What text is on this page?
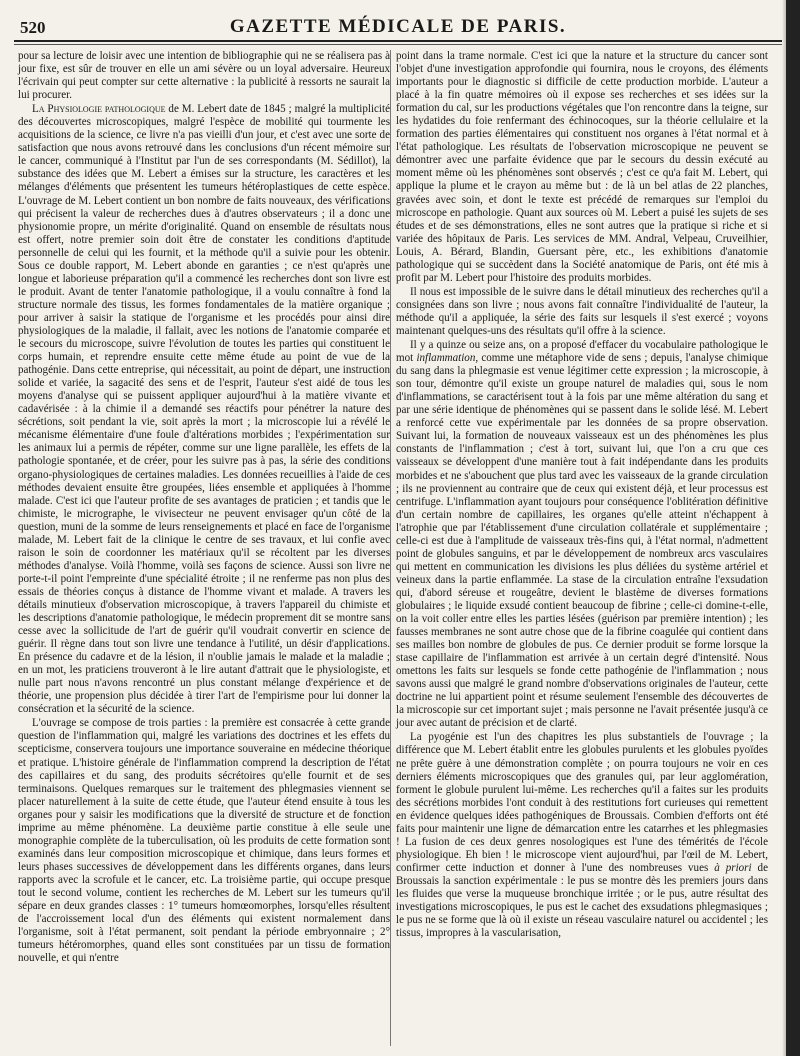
520	GAZETTE MÉDICALE DE PARIS.

pour sa lecture de loisir avec une intention de bibliographie qui ne se réalisera pas à jour fixe, est sûr de trouver en elle un ami sévère ou un loyal adversaire. Heureux l'écrivain qui peut compter sur cette alternative : la publicité à ressorts ne saurait la lui procurer.

La Physiologie pathologique de M. Lebert date de 1845 ; malgré la multiplicité des découvertes microscopiques, malgré l'espèce de mobilité qui tourmente les acquisitions de la science, ce livre n'a pas vieilli d'un jour, et c'est avec une sorte de satisfaction que nous avons retrouvé dans les conclusions d'un récent mémoire sur le cancer, communiqué à l'Institut par l'un de ses correspondants (M. Sédillot), la substance des idées que M. Lebert a émises sur la structure, les caractères et les mélanges d'éléments que présentent les tumeurs hétéroplastiques de cette espèce. L'ouvrage de M. Lebert contient un bon nombre de faits nouveaux, des vérifications qui précisent la valeur de recherches dues à d'autres observateurs ; il a donc une physionomie propre, un mérite d'originalité. Quand on ensemble de résultats nous est offert, notre premier soin doit être de constater les conditions d'aptitude personnelle de celui qui les fournit, et la méthode qu'il a suivie pour les obtenir. Sous ce double rapport, M. Lebert abonde en garanties ; ce n'est qu'après une longue et laborieuse préparation qu'il a commencé les recherches dont son livre est le produit. Avant de tenter l'anatomie pathologique, il a voulu connaître à fond la structure normale des tissus, les formes fondamentales de la matière organique ; pour arriver à saisir la statique de l'organisme et les procédés pour ainsi dire physiologiques de la maladie, il fallait, avec les notions de l'anatomie comparée et le secours du microscope, suivre l'évolution de toutes les parties qui constituent le corps humain, et reprendre ensuite cette même étude au point de vue de la pathogénie. Dans cette entreprise, qui nécessitait, au point de départ, une instruction solide et variée, la sagacité des sens et de l'esprit, l'auteur s'est aidé de tous les moyens d'analyse qui se puissent appliquer aujourd'hui à la matière vivante et cadavérisée : à la chimie il a demandé ses réactifs pour pénétrer la nature des sécrétions, soit pendant la vie, soit après la mort ; la microscopie lui a révélé le mécanisme élémentaire d'une foule d'altérations morbides ; l'expérimentation sur les animaux lui a permis de répéter, comme sur une ligne parallèle, les effets de la pathologie spontanée, et de créer, pour les suivre pas à pas, la série des conditions organo-physiologiques de certaines maladies. Les données recueillies à l'aide de ces méthodes devaient ensuite être groupées, liées ensemble et appliquées à l'homme malade. C'est ici que l'auteur profite de ses avantages de praticien ; et tandis que le chimiste, le micrographe, le vivisecteur ne peuvent envisager qu'un côté de la question, muni de la somme de leurs renseignements et placé en face de l'organisme malade, M. Lebert fait de la clinique le centre de ses travaux, et lui confie avec raison le soin de coordonner les matériaux qu'il se récoltent par les diverses méthodes d'analyse. Voilà l'homme, voilà ses façons de science. Aussi son livre ne porte-t-il point l'empreinte d'une spécialité étroite ; il ne renferme pas non plus des essais de théories conçus à distance de l'homme vivant et malade. A travers les détails minutieux d'observation microscopique, à travers l'appareil du chimiste et les descriptions d'anatomie pathologique, le médecin proprement dit se montre sans cesse avec la sollicitude de l'art de guérir qu'il voudrait convertir en science de guérir. Il règne dans tout son livre une tendance à l'utilité, un désir d'applications. En présence du cadavre et de la lésion, il n'oublie jamais le malade et la maladie ; en un mot, les praticiens trouveront à le lire autant d'attrait que le physiologiste, et nulle part nous n'avons rencontré un plus constant mélange d'expérience et de théorie, une propension plus décidée à tirer l'art de l'empirisme pour lui donner la consécration et la sécurité de la science.

L'ouvrage se compose de trois parties : la première est consacrée à cette grande question de l'inflammation qui, malgré les variations des doctrines et les effets du scepticisme, conservera toujours une importance souveraine en médecine théorique et pratique. L'histoire générale de l'inflammation comprend la description de l'état des capillaires et du sang, des produits sécrétoires qu'elle fournit et de ses terminaisons. Quelques remarques sur le traitement des phlegmasies viennent se placer naturellement à la suite de cette étude, que l'auteur étend ensuite à tous les organes pour y saisir les modifications que la diversité de structure et de fonction imprime au même phénomène. La deuxième partie constitue à elle seule une monographie complète de la tuberculisation, où les produits de cette formation sont examinés dans leur composition microscopique et chimique, dans leurs formes et leurs phases successives de développement dans les différents organes, dans leurs rapports avec la scrofule et le cancer, etc. La troisième partie, qui occupe presque tout le second volume, contient les recherches de M. Lebert sur les tumeurs qu'il sépare en deux grandes classes : 1° tumeurs homœomorphes, lorsqu'elles résultent de l'accroissement local d'un des éléments qui existent normalement dans l'organisme, soit à l'état permanent, soit pendant la période embryonnaire ; 2° tumeurs hétéromorphes, quand elles sont constituées par un tissu de formation nouvelle, et qui n'entre

point dans la trame normale. C'est ici que la nature et la structure du cancer sont l'objet d'une investigation approfondie qui fournira, nous le croyons, des éléments importants pour le diagnostic si difficile de cette production morbide. L'auteur a placé à la fin quatre mémoires où il expose ses recherches et ses idées sur la formation du cal, sur les productions végétales que l'on rencontre dans la teigne, sur les hydatides du foie renfermant des échinocoques, sur la théorie cellulaire et la formation des parties élémentaires qui constituent nos organes à l'état normal et à l'état pathologique. Les résultats de l'observation microscopique ne peuvent se démontrer avec une parfaite évidence que par le secours du dessin exécuté au moment même où les phénomènes sont observés ; c'est ce qu'a fait M. Lebert, qui applique la plume et le crayon au même but : de là un bel atlas de 22 planches, gravées avec soin, et dont le texte est précédé de remarques sur l'emploi du microscope en pathologie. Quant aux sources où M. Lebert a puisé les sujets de ses études et de ses démonstrations, elles ne sont autres que la pratique si riche et si variée des hôpitaux de Paris. Les services de MM. Andral, Velpeau, Cruveilhier, Louis, A. Bérard, Blandin, Guersant père, etc., les exhibitions d'anatomie pathologique qui se succèdent dans la Société anatomique de Paris, ont été mis à profit par M. Lebert pour l'histoire des produits morbides.

Il nous est impossible de le suivre dans le détail minutieux des recherches qu'il a consignées dans son livre ; nous avons fait connaître l'individualité de l'auteur, la méthode qu'il a appliquée, la série des faits sur lesquels il s'est exercé ; voyons maintenant quelques-uns des résultats qu'il offre à la science.

Il y a quinze ou seize ans, on a proposé d'effacer du vocabulaire pathologique le mot inflammation, comme une métaphore vide de sens ; depuis, l'analyse chimique du sang dans la phlegmasie est venue légitimer cette expression ; la microscopie, à son tour, démontre qu'il existe un groupe naturel de maladies qui, sous le nom d'inflammations, se caractérisent tout à la fois par une même altération du sang et par une série identique de phénomènes qui se passent dans le solide lésé. M. Lebert a renforcé cette vue expérimentale par les données de sa propre observation. Suivant lui, la formation de nouveaux vaisseaux est un des phénomènes les plus constants de l'inflammation ; c'est à tort, suivant lui, que l'on a cru que ces vaisseaux se développent d'une manière tout à fait indépendante dans les produits morbides et ne s'abouchent que plus tard avec les vaisseaux de la grande circulation ; ils ne proviennent au contraire que de ceux qui existent déjà, et leur processus est centrifuge. L'inflammation ayant toujours pour conséquence l'oblitération définitive d'un certain nombre de capillaires, les organes qu'elle atteint n'échappent à l'atrophie que par l'établissement d'une circulation collatérale et supplémentaire ; celle-ci est due à l'amplitude de vaisseaux très-fins qui, à l'état normal, n'admettent point de globules sanguins, et par le développement de nombreux arcs vasculaires qui mettent en communication les divisions les plus déliées du système artériel et veineux dans la partie enflammée. La stase de la circulation entraîne l'exsudation qui, d'abord séreuse et rougeâtre, devient le blastème de diverses formations globulaires ; le liquide exsudé contient beaucoup de fibrine ; celle-ci domine-t-elle, on la voit coller entre elles les parties lésées (guérison par première intention) ; les fausses membranes ne sont autre chose que de la fibrine coagulée qui contient dans ses mailles bon nombre de globules de pus. Ce dernier produit se forme lorsque la stase capillaire de l'inflammation est arrivée à un certain degré d'intensité. Nous omettons les faits sur lesquels se fonde cette pathogénie de l'inflammation ; nous savons aussi que malgré le grand nombre d'observations originales de l'auteur, cette doctrine ne lui appartient point et résume seulement l'ensemble des découvertes de la microscopie sur cet important sujet ; mais personne ne l'avait présentée jusqu'à ce jour avec autant de précision et de clarté.

La pyogénie est l'un des chapitres les plus substantiels de l'ouvrage ; la différence que M. Lebert établit entre les globules purulents et les globules pyoïdes ne prête guère à une démonstration complète ; on pourra toujours ne voir en ces derniers éléments microscopiques que des granules qui, par leur agglomération, forment le globule purulent lui-même. Les recherches qu'il a faites sur les produits des sécrétions morbides l'ont conduit à des restitutions fort curieuses qui remettent en évidence quelques idées pathogéniques de Broussais. Combien d'efforts ont été faits pour maintenir une ligne de démarcation entre les catarrhes et les phlegmasies ! La fusion de ces deux genres nosologiques est l'une des témérités de l'école physiologique. Eh bien ! le microscope vient aujourd'hui, par l'œil de M. Lebert, confirmer cette induction et donner à l'une des nombreuses vues à priori de Broussais la sanction expérimentale : le pus se montre dès les premiers jours dans les fluides que verse la muqueuse bronchique irritée ; or le pus, autre résultat des investigations microscopiques, le pus est le cachet des exsudations phlegmasiques ; le pus ne se forme que là où il existe un réseau vasculaire naturel ou accidentel ; les tissus, impropres à la vascularisation,
